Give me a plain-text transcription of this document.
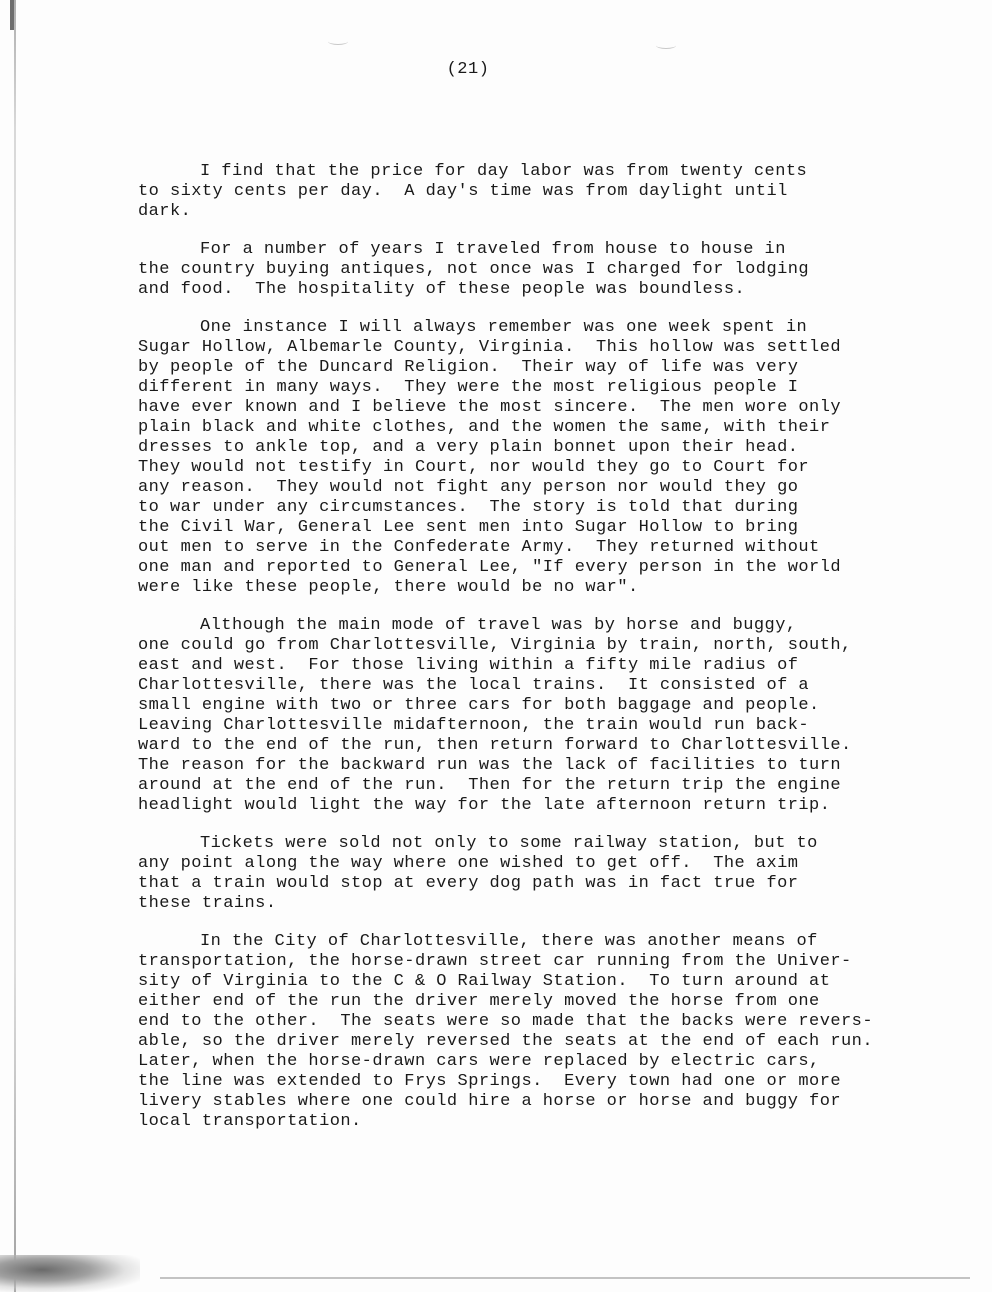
(21)
I find that the price for day labor was from twenty cents
to sixty cents per day.  A day's time was from daylight until
dark.
For a number of years I traveled from house to house in
the country buying antiques, not once was I charged for lodging
and food.  The hospitality of these people was boundless.
One instance I will always remember was one week spent in
Sugar Hollow, Albemarle County, Virginia.  This hollow was settled
by people of the Duncard Religion.  Their way of life was very
different in many ways.  They were the most religious people I
have ever known and I believe the most sincere.  The men wore only
plain black and white clothes, and the women the same, with their
dresses to ankle top, and a very plain bonnet upon their head.
They would not testify in Court, nor would they go to Court for
any reason.  They would not fight any person nor would they go
to war under any circumstances.  The story is told that during
the Civil War, General Lee sent men into Sugar Hollow to bring
out men to serve in the Confederate Army.  They returned without
one man and reported to General Lee, "If every person in the world
were like these people, there would be no war".
Although the main mode of travel was by horse and buggy,
one could go from Charlottesville, Virginia by train, north, south,
east and west.  For those living within a fifty mile radius of
Charlottesville, there was the local trains.  It consisted of a
small engine with two or three cars for both baggage and people.
Leaving Charlottesville midafternoon, the train would run back-
ward to the end of the run, then return forward to Charlottesville.
The reason for the backward run was the lack of facilities to turn
around at the end of the run.  Then for the return trip the engine
headlight would light the way for the late afternoon return trip.
Tickets were sold not only to some railway station, but to
any point along the way where one wished to get off.  The axim
that a train would stop at every dog path was in fact true for
these trains.
In the City of Charlottesville, there was another means of
transportation, the horse-drawn street car running from the Univer-
sity of Virginia to the C & O Railway Station.  To turn around at
either end of the run the driver merely moved the horse from one
end to the other.  The seats were so made that the backs were revers-
able, so the driver merely reversed the seats at the end of each run.
Later, when the horse-drawn cars were replaced by electric cars,
the line was extended to Frys Springs.  Every town had one or more
livery stables where one could hire a horse or horse and buggy for
local transportation.
